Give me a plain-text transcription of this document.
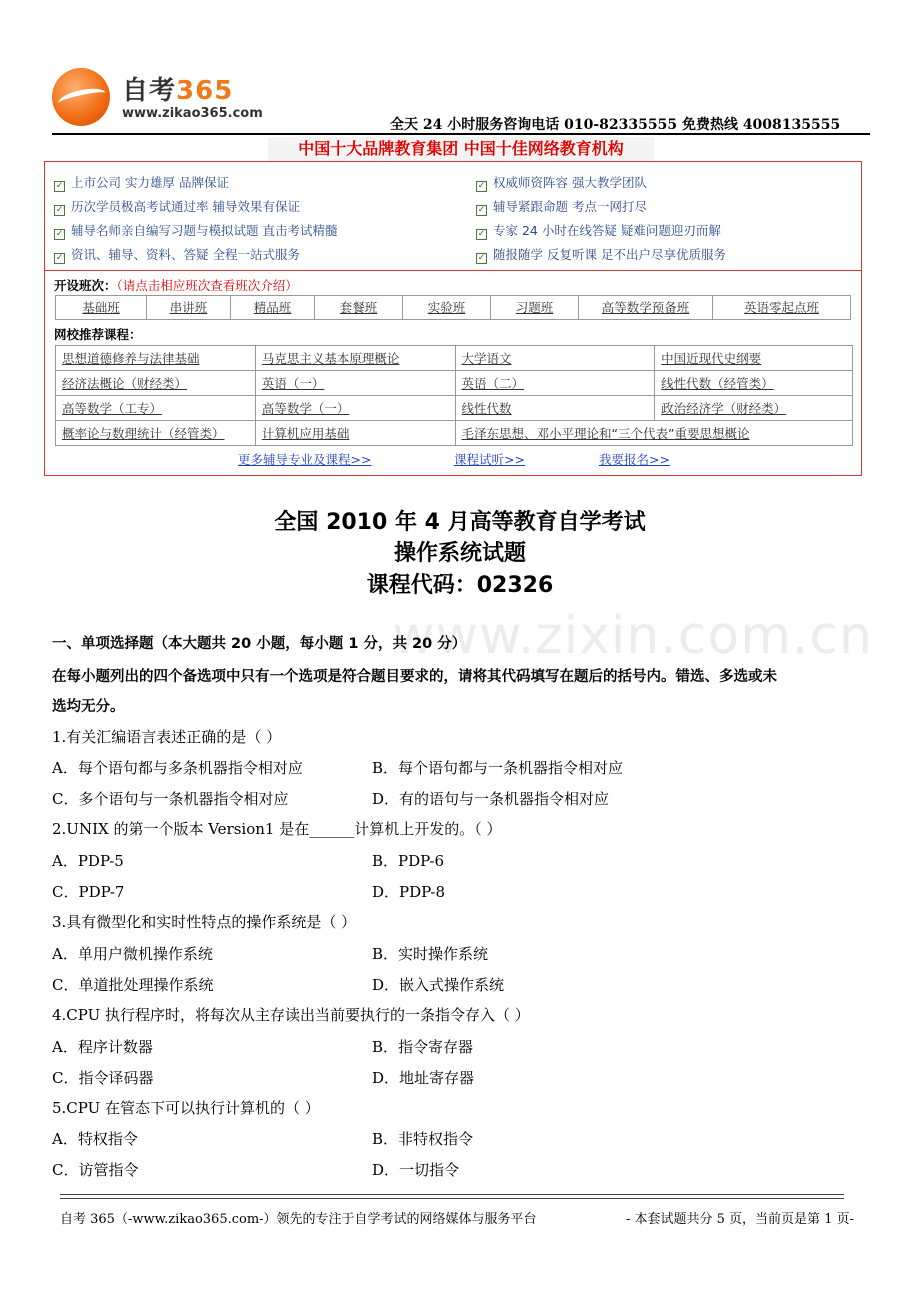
自考365
www.zikao365.com
全天 24 小时服务咨询电话 010-82335555 免费热线 4008135555
中国十大品牌教育集团 中国十佳网络教育机构
✓ 上市公司 实力雄厚 品牌保证
✓ 历次学员极高考试通过率 辅导效果有保证
✓ 辅导名师亲自编写习题与模拟试题 直击考试精髓
✓ 资讯、辅导、资料、答疑 全程一站式服务
✓ 权威师资阵容 强大教学团队
✓ 辅导紧跟命题 考点一网打尽
✓ 专家 24 小时在线答疑 疑难问题迎刃而解
✓ 随报随学 反复听课 足不出户尽享优质服务
开设班次：（请点击相应班次查看班次介绍）
基础班	串讲班	精品班	套餐班	实验班	习题班	高等数学预备班	英语零起点班
网校推荐课程：
思想道德修养与法律基础	马克思主义基本原理概论	大学语文	中国近现代史纲要
经济法概论（财经类）	英语（一）	英语（二）	线性代数（经管类）
高等数学（工专）	高等数学（一）	线性代数	政治经济学（财经类）
概率论与数理统计（经管类）	计算机应用基础	毛泽东思想、邓小平理论和“三个代表”重要思想概论	
更多辅导专业及课程>>	课程试听>>	我要报名>>
全国 2010 年 4 月高等教育自学考试
操作系统试题
课程代码：02326
www.zixin.com.cn
一、单项选择题（本大题共 20 小题，每小题 1 分，共 20 分）
在每小题列出的四个备选项中只有一个选项是符合题目要求的，请将其代码填写在题后的括号内。错选、多选或未
选均无分。
1.有关汇编语言表述正确的是（ ）
A．每个语句都与多条机器指令相对应	B．每个语句都与一条机器指令相对应
C．多个语句与一条机器指令相对应	D．有的语句与一条机器指令相对应
2.UNIX 的第一个版本 Version1 是在______计算机上开发的。（ ）
A．PDP-5	B．PDP-6
C．PDP-7	D．PDP-8
3.具有微型化和实时性特点的操作系统是（ ）
A．单用户微机操作系统	B．实时操作系统
C．单道批处理操作系统	D．嵌入式操作系统
4.CPU 执行程序时，将每次从主存读出当前要执行的一条指令存入（ ）
A．程序计数器	B．指令寄存器
C．指令译码器	D．地址寄存器
5.CPU 在管态下可以执行计算机的（ ）
A．特权指令	B．非特权指令
C．访管指令	D．一切指令
自考 365（-www.zikao365.com-）领先的专注于自学考试的网络媒体与服务平台	- 本套试题共分 5 页，当前页是第 1 页-
